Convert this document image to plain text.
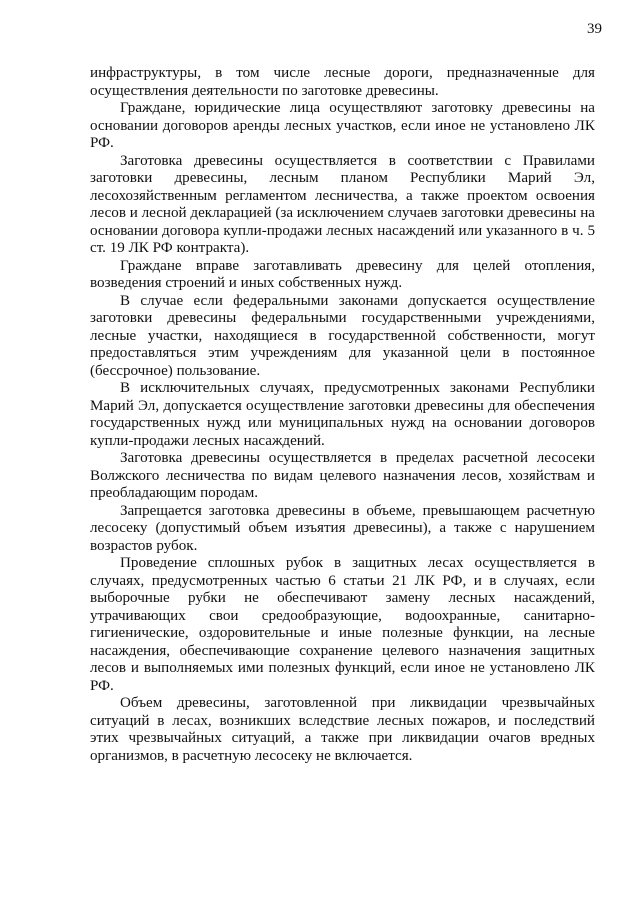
39

инфраструктуры, в том числе лесные дороги, предназначенные для осуществления деятельности по заготовке древесины.

Граждане, юридические лица осуществляют заготовку древесины на основании договоров аренды лесных участков, если иное не установлено ЛК РФ.

Заготовка древесины осуществляется в соответствии с Правилами заготовки древесины, лесным планом Республики Марий Эл, лесохозяйственным регламентом лесничества, а также проектом освоения лесов и лесной декларацией (за исключением случаев заготовки древесины на основании договора купли-продажи лесных насаждений или указанного в ч. 5 ст. 19 ЛК РФ контракта).

Граждане вправе заготавливать древесину для целей отопления, возведения строений и иных собственных нужд.

В случае если федеральными законами допускается осуществление заготовки древесины федеральными государственными учреждениями, лесные участки, находящиеся в государственной собственности, могут предоставляться этим учреждениям для указанной цели в постоянное (бессрочное) пользование.

В исключительных случаях, предусмотренных законами Республики Марий Эл, допускается осуществление заготовки древесины для обеспечения государственных нужд или муниципальных нужд на основании договоров купли-продажи лесных насаждений.

Заготовка древесины осуществляется в пределах расчетной лесосеки Волжского лесничества по видам целевого назначения лесов, хозяйствам и преобладающим породам.

Запрещается заготовка древесины в объеме, превышающем расчетную лесосеку (допустимый объем изъятия древесины), а также с нарушением возрастов рубок.

Проведение сплошных рубок в защитных лесах осуществляется в случаях, предусмотренных частью 6 статьи 21 ЛК РФ, и в случаях, если выборочные рубки не обеспечивают замену лесных насаждений, утрачивающих свои средообразующие, водоохранные, санитарно-гигиенические, оздоровительные и иные полезные функции, на лесные насаждения, обеспечивающие сохранение целевого назначения защитных лесов и выполняемых ими полезных функций, если иное не установлено ЛК РФ.

Объем древесины, заготовленной при ликвидации чрезвычайных ситуаций в лесах, возникших вследствие лесных пожаров, и последствий этих чрезвычайных ситуаций, а также при ликвидации очагов вредных организмов, в расчетную лесосеку не включается.
